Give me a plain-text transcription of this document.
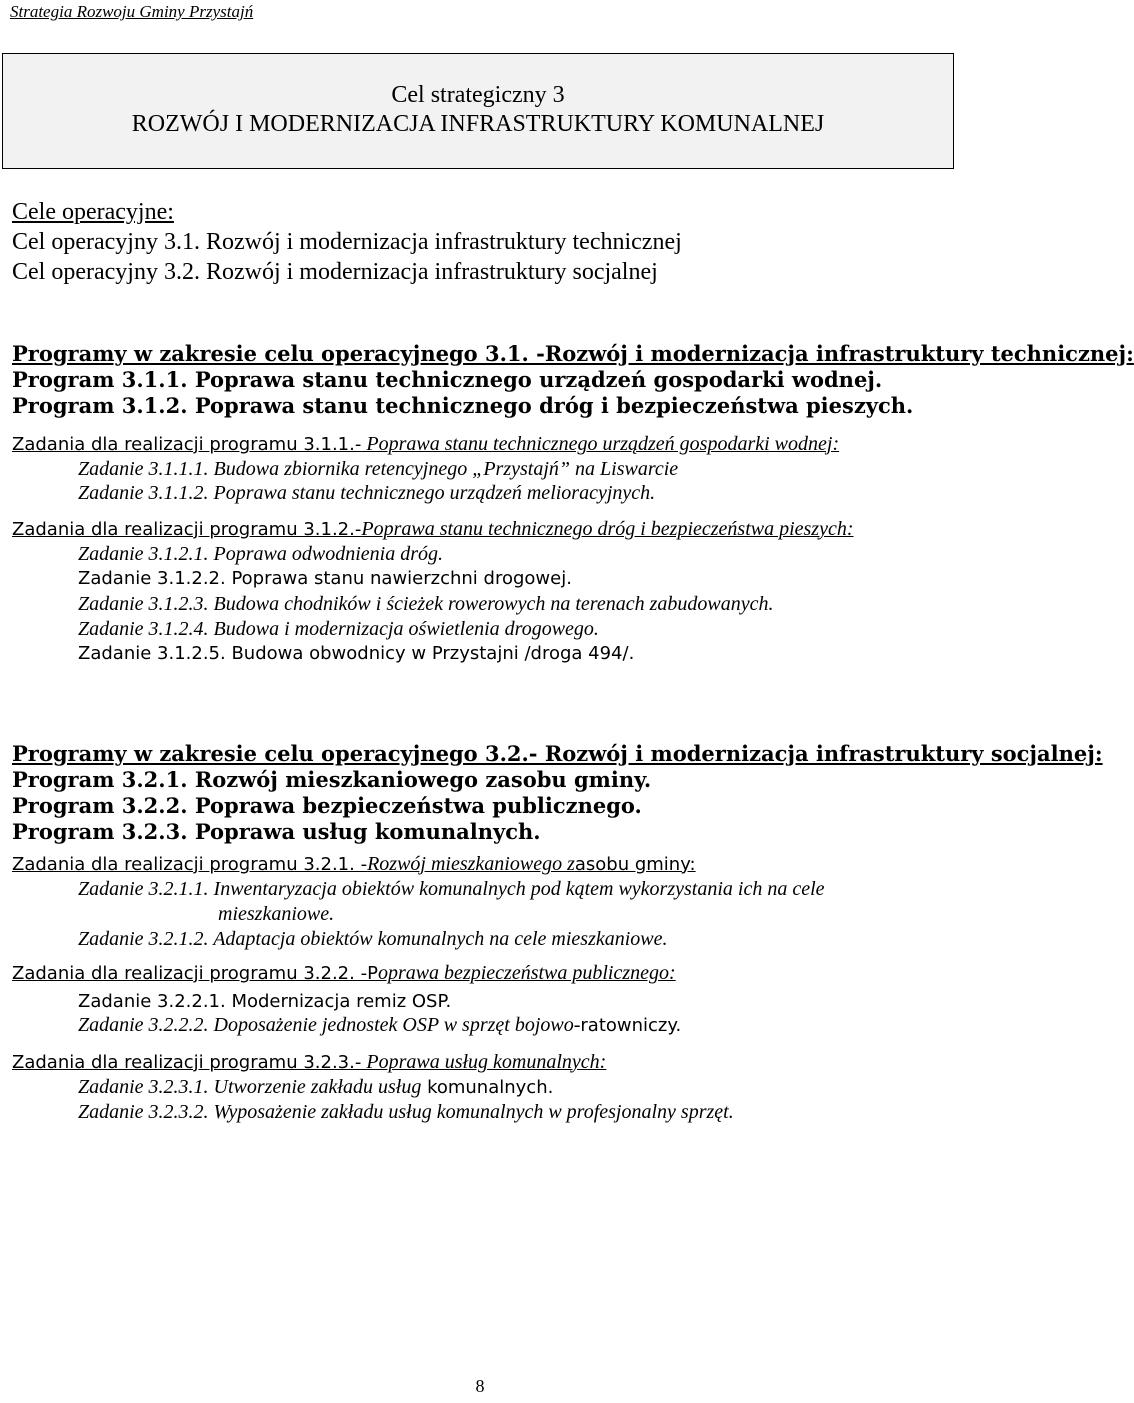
Strategia Rozwoju Gminy Przystajń
Cel strategiczny 3
ROZWÓJ I MODERNIZACJA INFRASTRUKTURY KOMUNALNEJ
Cele operacyjne:
Cel operacyjny 3.1. Rozwój i modernizacja infrastruktury technicznej
Cel operacyjny 3.2. Rozwój i modernizacja infrastruktury socjalnej
Programy w zakresie celu operacyjnego 3.1. -Rozwój i modernizacja infrastruktury technicznej:
Program 3.1.1. Poprawa stanu technicznego urządzeń gospodarki wodnej.
Program 3.1.2. Poprawa stanu technicznego dróg i bezpieczeństwa pieszych.
Zadania dla realizacji programu 3.1.1.- Poprawa stanu technicznego urządzeń gospodarki wodnej:
Zadanie 3.1.1.1. Budowa zbiornika retencyjnego „Przystajń” na Liswarcie
Zadanie 3.1.1.2. Poprawa stanu technicznego urządzeń melioracyjnych.
Zadania dla realizacji programu 3.1.2.-Poprawa stanu technicznego dróg i bezpieczeństwa pieszych:
Zadanie 3.1.2.1. Poprawa odwodnienia dróg.
Zadanie 3.1.2.2. Poprawa stanu nawierzchni drogowej.
Zadanie 3.1.2.3. Budowa chodników i ścieżek rowerowych na terenach zabudowanych.
Zadanie 3.1.2.4. Budowa i modernizacja oświetlenia drogowego.
Zadanie 3.1.2.5. Budowa obwodnicy w Przystajni /droga 494/.
Programy w zakresie celu operacyjnego 3.2.- Rozwój i modernizacja infrastruktury socjalnej:
Program 3.2.1. Rozwój mieszkaniowego zasobu gminy.
Program 3.2.2. Poprawa bezpieczeństwa publicznego.
Program 3.2.3. Poprawa usług komunalnych.
Zadania dla realizacji programu 3.2.1. -Rozwój mieszkaniowego zasobu gminy:
Zadanie 3.2.1.1. Inwentaryzacja obiektów komunalnych pod kątem wykorzystania ich na cele
mieszkaniowe.
Zadanie 3.2.1.2. Adaptacja obiektów komunalnych na cele mieszkaniowe.
Zadania dla realizacji programu 3.2.2. -Poprawa bezpieczeństwa publicznego:
Zadanie 3.2.2.1. Modernizacja remiz OSP.
Zadanie 3.2.2.2. Doposażenie jednostek OSP w sprzęt bojowo-ratowniczy.
Zadania dla realizacji programu 3.2.3.- Poprawa usług komunalnych:
Zadanie 3.2.3.1. Utworzenie zakładu usług komunalnych.
Zadanie 3.2.3.2. Wyposażenie zakładu usług komunalnych w profesjonalny sprzęt.
8
